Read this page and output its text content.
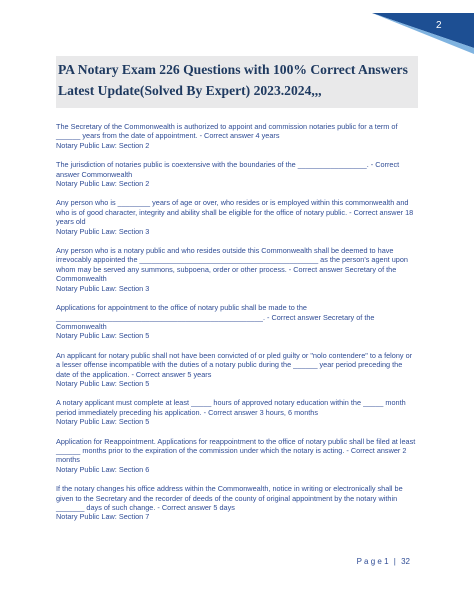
2
PA Notary Exam 226 Questions with 100% Correct Answers
Latest Update(Solved By Expert) 2023.2024,,,

The Secretary of the Commonwealth is authorized to appoint and commission notaries public for a term of ______ years from the date of appointment. - Correct answer 4 years

Notary Public Law: Section 2

The jurisdiction of notaries public is coextensive with the boundaries of the _________________. - Correct answer Commonwealth

Notary Public Law: Section 2

Any person who is ________ years of age or over, who resides or is employed within this commonwealth and who is of good character, integrity and ability shall be eligible for the office of notary public. - Correct answer 18 years old

Notary Public Law: Section 3

Any person who is a notary public and who resides outside this Commonwealth shall be deemed to have irrevocably appointed the ____________________________________________ as the person's agent upon whom may be served any summons, subpoena, order or other process. - Correct answer Secretary of the Commonwealth

Notary Public Law: Section 3

Applications for appointment to the office of notary public shall be made to the ___________________________________________________. - Correct answer Secretary of the Commonwealth

Notary Public Law: Section 5

An applicant for notary public shall not have been convicted of or pled guilty or "nolo contendere" to a felony or a lesser offense incompatible with the duties of a notary public during the ______ year period preceding the date of the application. - Correct answer 5 years

Notary Public Law: Section 5

A notary applicant must complete at least _____ hours of approved notary education within the _____ month period immediately preceding his application. - Correct answer 3 hours, 6 months

Notary Public Law: Section 5

Application for Reappointment. Applications for reappointment to the office of notary public shall be filed at least ______ months prior to the expiration of the commission under which the notary is acting. - Correct answer 2 months

Notary Public Law: Section 6

If the notary changes his office address within the Commonwealth, notice in writing or electronically shall be given to the Secretary and the recorder of deeds of the county of original appointment by the notary within _______ days of such change. - Correct answer 5 days

Notary Public Law: Section 7

P a g e 1 | 32
